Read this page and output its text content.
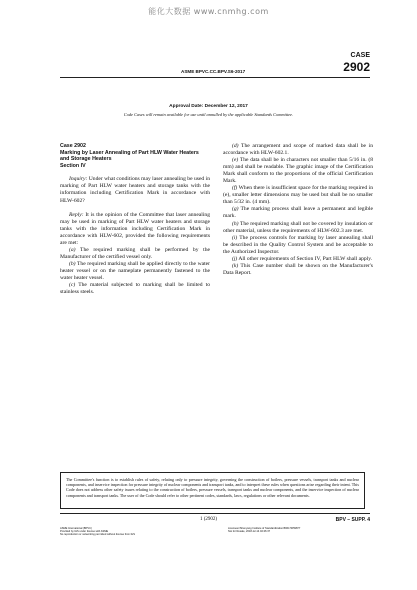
能化大数据 www.cnmhg.com
CASE
2902
ASME BPVC.CC.BPV.S6-2017
Approval Date: December 12, 2017
Code Cases will remain available for use until annulled by the applicable Standards Committee.
Case 2902
Marking by Laser Annealing of Part HLW Water Heaters
and Storage Heaters
Section IV

Inquiry: Under what conditions may laser annealing be used in marking of Part HLW water heaters and storage tanks with the information including Certification Mark in accordance with HLW-602?

Reply: It is the opinion of the Committee that laser annealing may be used in marking of Part HLW water heaters and storage tanks with the information including Certification Mark in accordance with HLW-602, provided the following requirements are met:

(a) The required marking shall be performed by the Manufacturer of the certified vessel only.

(b) The required marking shall be applied directly to the water heater vessel or on the nameplate permanently fastened to the water heater vessel.

(c) The material subjected to marking shall be limited to stainless steels.

(d) The arrangement and scope of marked data shall be in accordance with HLW-602.1.

(e) The data shall be in characters not smaller than 5/16 in. (8 mm) and shall be readable. The graphic image of the Certification Mark shall conform to the proportions of the official Certification Mark.

(f) When there is insufficient space for the marking required in (e), smaller letter dimensions may be used but shall be no smaller than 5/32 in. (4 mm).

(g) The marking process shall leave a permanent and legible mark.

(h) The required marking shall not be covered by insulation or other material, unless the requirements of HLW-602.3 are met.

(i) The process controls for marking by laser annealing shall be described in the Quality Control System and be acceptable to the Authorized Inspector.

(j) All other requirements of Section IV, Part HLW shall apply.

(k) This Case number shall be shown on the Manufacturer's Data Report.

The Committee's function is to establish rules of safety, relating only to pressure integrity, governing the construction of boilers, pressure vessels, transport tanks and nuclear components, and inservice inspection for pressure integrity of nuclear components and transport tanks, and to interpret these rules when questions arise regarding their intent. This Code does not address other safety issues relating to the construction of boilers, pressure vessels, transport tanks and nuclear components, and the inservice inspection of nuclear components and transport tanks. The user of the Code should refer to other pertinent codes, standards, laws, regulations or other relevant documents.
1 (2902)	BPV – SUPP. 4
ASME International (BPVC)
Provided by IHS under license with ASME
No reproduction or networking permitted without license from IHS
Licensee=Shenyang Institute of Standardization/5964 5059877
Not for Resale, 2018-12-14 02:26:37
